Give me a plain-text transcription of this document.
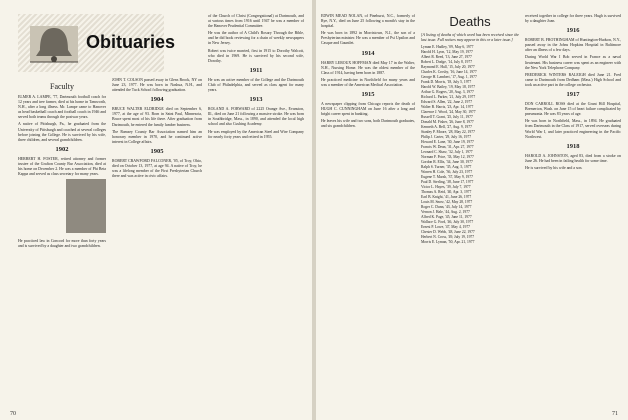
Obituaries
Faculty

ELMER A. LAMPE, '77, Dartmouth football coach for 12 years and tree farmer, died at his home in Tamworth, N.H., after a long illness. Mr. Lampe came to Hanover as head basketball coach and football coach in 1946 and served both teams through the postwar years.

A native of Pittsburgh, Pa., he graduated from the University of Pittsburgh and coached at several colleges before joining the College. He is survived by his wife, three children, and several grandchildren.

1902

HERBERT H. FOSTER, retired attorney and former trustee of the Grafton County Bar Association, died at his home on December 2. He was a member of Phi Beta Kappa and served as class secretary for many years.

He practiced law in Concord for more than forty years and is survived by a daughter and two grandchildren.

JOHN T. COLSON passed away in Glens Brook, NY on June 23, 1977. He was born in Nashua, N.H., and attended the Tuck School following graduation.

1904

BRUCE WALTER ELDRIDGE died on September 6, 1977, at the age of 93. Born in Saint Paul, Minnesota, Bruce spent most of his life there. After graduation from Dartmouth, he entered the family lumber business.

The Ramsey County Bar Association named him an honorary member in 1970, and he continued active interest in College affairs.

1905

ROBERT CRAWFORD FALCONER, '05, of Troy, Ohio, died on October 13, 1977, at age 94. A native of Troy, he was a lifelong member of the First Presbyterian Church there and was active in civic affairs.

of the Church of Christ (Congregational) at Dartmouth, and at various times from 1916 until 1947 he was a member of the Hanover Prudential Committee.

He was the author of A Child's Rosary Through the Bible, and he did book reviewing for a chain of weekly newspapers in New Jersey.

Robert was twice married, first in 1915 to Dorothy Walcott, who died in 1969. He is survived by his second wife, Dorothy.

1911

He was an active member of the College and the Dartmouth Club of Philadelphia, and served as class agent for many years.

1913

ROLAND A. FORWARD of 2225 Orange Ave., Evanston, Ill., died on June 21 following a massive stroke. He was born in Southbridge, Mass., in 1890, and attended the local high school and also Cushing Academy.

He was employed by the American Steel and Wire Company for nearly forty years and retired in 1955.

70

EDWIN MEAD NOLAN, of Pinehurst, N.C., formerly of Rye, N.Y., died on June 25 following a month's stay in the hospital.

He was born in 1892 in Morristown, N.J., the son of a Presbyterian minister. He was a member of Psi Upsilon and Casque and Gauntlet.

1914

HARRY LEROUX HOFFMAN died May 17 in the Walter, N.H., Nursing Home. He was the oldest member of the Class of 1914, having been born in 1887.

He practiced medicine in Northfield for many years and was a member of the American Medical Association.

1915

A newspaper clipping from Chicago reports the death of HUGH C. CUNNINGHAM on June 16 after a long and bright career spent in banking.

He leaves his wife and two sons, both Dartmouth graduates, and six grandchildren.

Deaths

[A listing of deaths of which word has been received since the last issue. Full notices may appear in this or a later issue.]

Lyman E. Hadley, '09, May 6, 1977
Harold H. Lyon, '12, May 19, 1977
Albert R. Reed, '13, June 27, 1977
Robert L. Dodge, '14, July 8, 1977
Raymond E. Hall, '15, July 20, 1977
Charles K. Crosby, '16, June 14, 1977
George H. Lambert, '17, Aug. 1, 1977
Frank D. Morris, '18, July 5, 1977
Harold W. Bailey, '19, May 18, 1977
Arthur G. Rogers, '20, Aug. 3, 1977
Richard L. Parker, '21, July 29, 1977
Edward S. Allen, '22, June 2, 1977
Walter B. Harris, '23, Apr. 14, 1977
Clarence J. Wood, '24, May 30, 1977
Russell T. Grant, '25, July 11, 1977
Donald M. Fisher, '26, June 8, 1977
Kenneth A. Bell, '27, Aug. 9, 1977
Stanley P. Moore, '28, May 22, 1977
Philip J. Carter, '29, July 16, 1977
Howard E. Lane, '30, June 19, 1977
Francis W. Dean, '31, Apr. 27, 1977
Leonard C. Shaw, '32, July 1, 1977
Norman F. Price, '33, May 12, 1977
Gordon R. Ellis, '34, June 30, 1977
Ralph S. Turner, '35, Aug. 5, 1977
Warren H. Cole, '36, July 23, 1977
Eugene T. Marsh, '37, May 9, 1977
Paul D. Sterling, '38, June 17, 1977
Victor L. Hayes, '39, July 7, 1977
Thomas A. Reid, '40, Apr. 3, 1977
Earl B. Knight, '41, June 26, 1977
Louis M. Snow, '42, May 28, 1977
Roger C. Dunn, '43, July 14, 1977
Vernon J. Hale, '44, Aug. 2, 1977
Alfred K. Page, '45, June 11, 1977
Wallace G. Ford, '46, July 30, 1977
Ernest P. Lowe, '47, May 4, 1977
Chester D. Webb, '48, June 22, 1977
Herbert N. Cross, '49, July 19, 1977
Morris E. Lyman, '50, Apr. 21, 1977

received together in college for three years. Hugh is survived by a daughter Joan.

1916

ROBERT B. FROTHINGHAM of Huntington-Hudson, N.Y., passed away in the Johns Hopkins Hospital in Baltimore after an illness of a few days.

During World War I Bob served in France as a naval lieutenant. His business career was spent as an engineer with the New York Telephone Company.

FREDERICK WINTERS RALEIGH died June 21. Fred came to Dartmouth from Dedham (Mass.) High School and took an active part in the college orchestra.

1917

DON CARROLL ROSS died at the Grant Hill Hospital, Bremerton, Wash. on June 15 of heart failure complicated by pneumonia. He was 83 years of age.

He was born in Northfield, Mass., in 1894. He graduated from Dartmouth in the Class of 1917, served overseas during World War I, and later practiced engineering in the Pacific Northwest.

1918

HAROLD A. JOHNSTON, aged 83, died from a stroke on June 26. He had been in failing health for some time.

He is survived by his wife and a son.

71
